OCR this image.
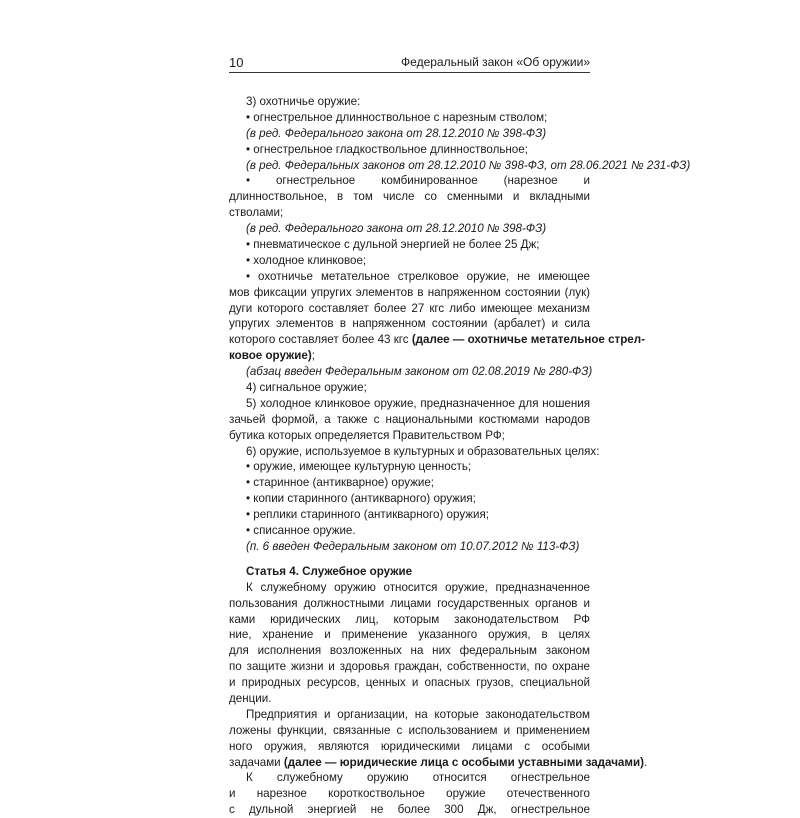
10	Федеральный закон «Об оружии»
3) охотничье оружие:
• огнестрельное длинноствольное с нарезным стволом;
(в ред. Федерального закона от 28.12.2010 № 398-ФЗ)
• огнестрельное гладкоствольное длинноствольное;
(в ред. Федеральных законов от 28.12.2010 № 398-ФЗ, от 28.06.2021 № 231-ФЗ)
• огнестрельное комбинированное (нарезное и
длинноствольное, в том числе со сменными и вкладными
стволами;
(в ред. Федерального закона от 28.12.2010 № 398-ФЗ)
• пневматическое с дульной энергией не более 25 Дж;
• холодное клинковое;
• охотничье метательное стрелковое оружие, не имеющее
мов фиксации упругих элементов в напряженном состоянии (лук)
дуги которого составляет более 27 кгс либо имеющее механизм
упругих элементов в напряженном состоянии (арбалет) и сила
которого составляет более 43 кгс (далее — охотничье метательное стрел-
ковое оружие);
(абзац введен Федеральным законом от 02.08.2019 № 280-ФЗ)
4) сигнальное оружие;
5) холодное клинковое оружие, предназначенное для ношения
зачьей формой, а также с национальными костюмами народов
бутика которых определяется Правительством РФ;
6) оружие, используемое в культурных и образовательных целях:
• оружие, имеющее культурную ценность;
• старинное (антикварное) оружие;
• копии старинного (антикварного) оружия;
• реплики старинного (антикварного) оружия;
• списанное оружие.
(п. 6 введен Федеральным законом от 10.07.2012 № 113-ФЗ)
Статья 4. Служебное оружие
К служебному оружию относится оружие, предназначенное
пользования должностными лицами государственных органов и
ками юридических лиц, которым законодательством РФ
ние, хранение и применение указанного оружия, в целях
для исполнения возложенных на них федеральным законом
по защите жизни и здоровья граждан, собственности, по охране
и природных ресурсов, ценных и опасных грузов, специальной
денции.
Предприятия и организации, на которые законодательством
ложены функции, связанные с использованием и применением
ного оружия, являются юридическими лицами с особыми
задачами (далее — юридические лица с особыми уставными задачами).
К служебному оружию относится огнестрельное
и нарезное короткоствольное оружие отечественного
с дульной энергией не более 300 Дж, огнестрельное
